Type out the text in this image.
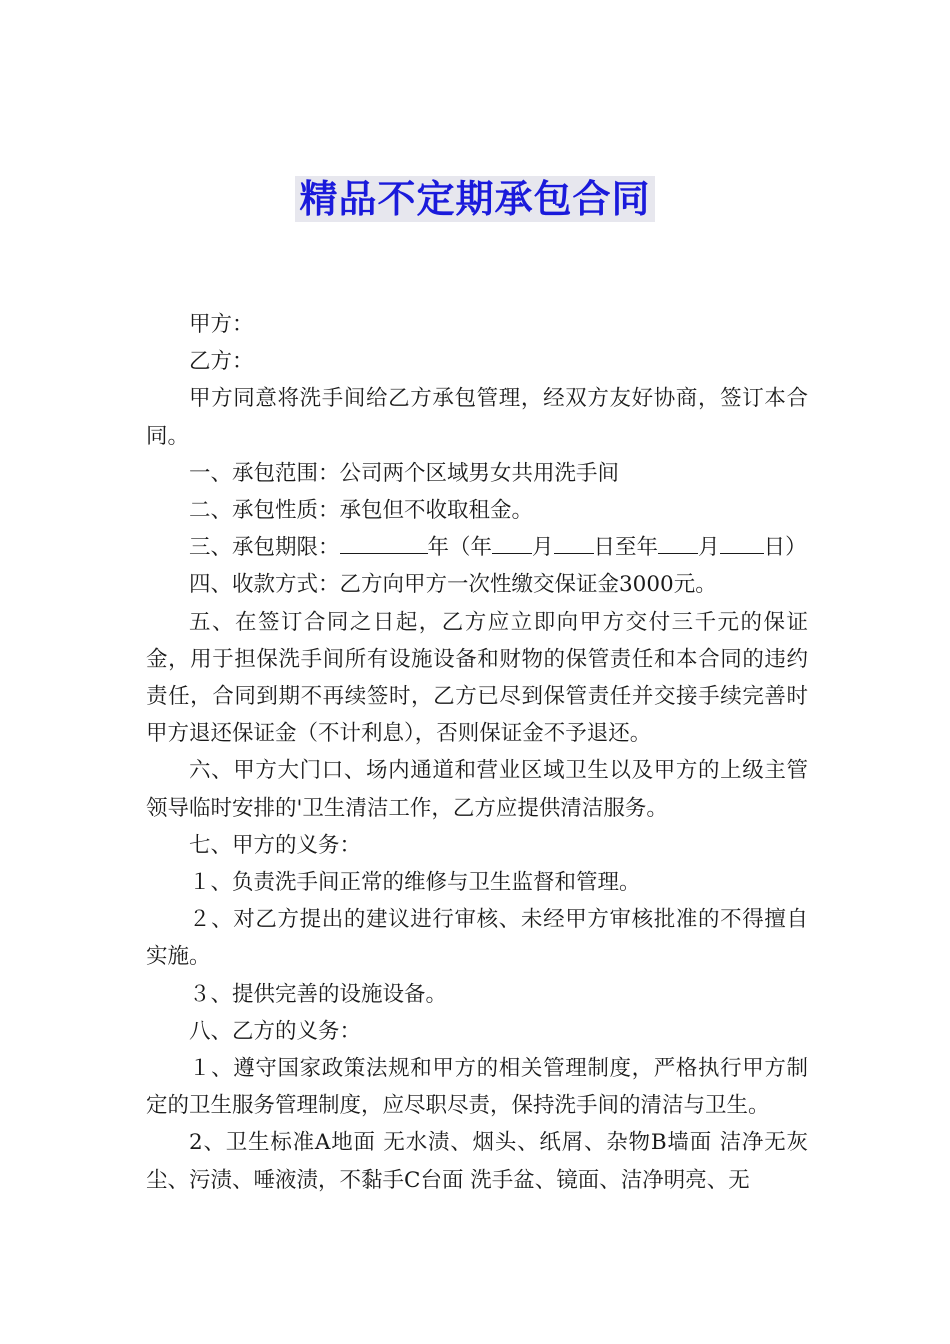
精品不定期承包合同

甲方：

乙方：

甲方同意将洗手间给乙方承包管理，经双方友好协商，签订本合同。

一、承包范围：公司两个区域男女共用洗手间

二、承包性质：承包但不收取租金。

三、承包期限：	年（年 月 日至年 月 日）

四、收款方式：乙方向甲方一次性缴交保证金3000元。

五、在签订合同之日起，乙方应立即向甲方交付三千元的保证金，用于担保洗手间所有设施设备和财物的保管责任和本合同的违约责任，合同到期不再续签时，乙方已尽到保管责任并交接手续完善时甲方退还保证金（不计利息），否则保证金不予退还。

六、甲方大门口、场内通道和营业区域卫生以及甲方的上级主管领导临时安排的'卫生清洁工作，乙方应提供清洁服务。

七、甲方的义务：

１、负责洗手间正常的维修与卫生监督和管理。

２、对乙方提出的建议进行审核、未经甲方审核批准的不得擅自实施。

３、提供完善的设施设备。

八、乙方的义务：

１、遵守国家政策法规和甲方的相关管理制度，严格执行甲方制定的卫生服务管理制度，应尽职尽责，保持洗手间的清洁与卫生。

2、卫生标准A地面 无水渍、烟头、纸屑、杂物B墙面 洁净无灰尘、污渍、唾液渍，不黏手C台面 洗手盆、镜面、洁净明亮、无
